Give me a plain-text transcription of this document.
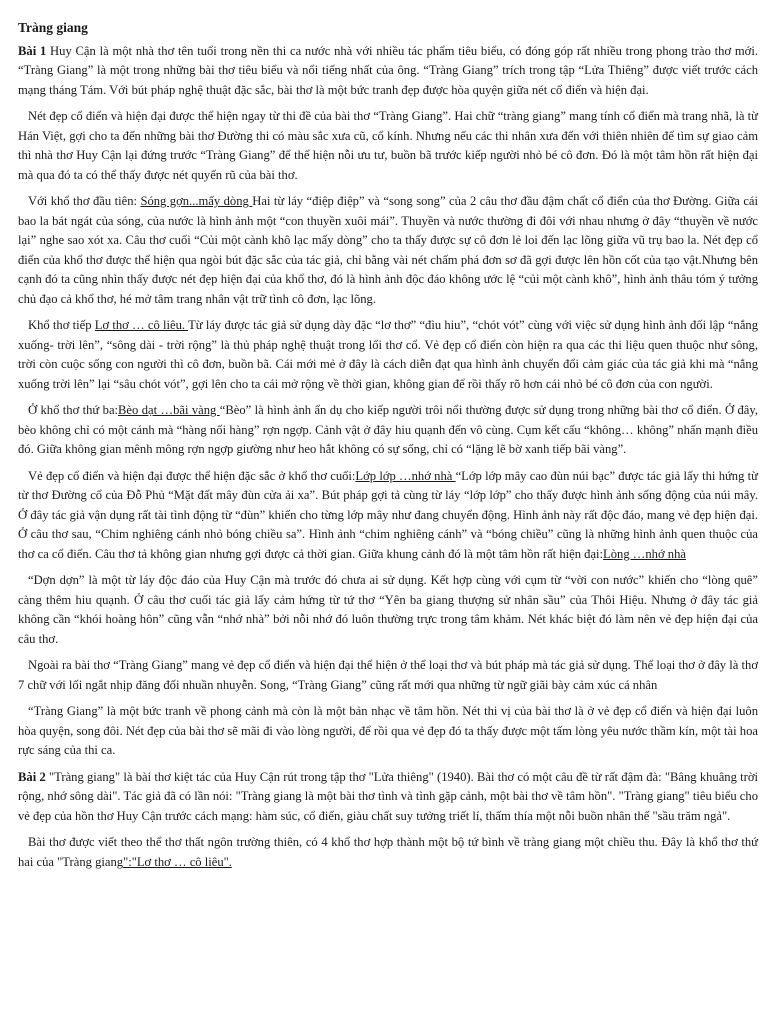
Tràng giang

Bài 1 Huy Cận là một nhà thơ tên tuổi trong nền thi ca nước nhà với nhiều tác phẩm tiêu biểu, có đóng góp rất nhiều trong phong trào thơ mới. “Tràng Giang” là một trong những bài thơ tiêu biểu và nổi tiếng nhất của ông. “Tràng Giang” trích trong tập “Lửa Thiêng” được viết trước cách mạng tháng Tám. Với bút pháp nghệ thuật đặc sắc, bài thơ là một bức tranh đẹp được hòa quyện giữa nét cổ điển và hiện đại.

Nét đẹp cổ điển và hiện đại được thể hiện ngay từ thi đề của bài thơ “Tràng Giang”. Hai chữ “tràng giang” mang tính cổ điển mà trang nhã, là từ Hán Việt, gợi cho ta đến những bài thơ Đường thi có màu sắc xưa cũ, cổ kính. Nhưng nếu các thi nhân xưa đến với thiên nhiên để tìm sự giao cảm thì nhà thơ Huy Cận lại đứng trước “Tràng Giang” để thể hiện nỗi ưu tư, buồn bã trước kiếp người nhỏ bé cô đơn. Đó là một tâm hồn rất hiện đại mà qua đó ta có thể thấy được nét quyến rũ của bài thơ.

Với khổ thơ đầu tiên: Sóng gợn...mấy dòng Hai từ láy “điệp điệp” và “song song” của 2 câu thơ đầu đậm chất cổ điển của thơ Đường. Giữa cái bao la bát ngát của sóng, của nước là hình ảnh một “con thuyền xuôi mái”. Thuyền và nước thường đi đôi với nhau nhưng ở đây “thuyền về nước lại” nghe sao xót xa. Câu thơ cuối “Củi một cành khô lạc mấy dòng” cho ta thấy được sự cô đơn lẻ loi đến lạc lõng giữa vũ trụ bao la. Nét đẹp cổ điển của khổ thơ được thể hiện qua ngòi bút đặc sắc của tác giả, chỉ bằng vài nét chấm phá đơn sơ đã gợi được lên hồn cốt của tạo vật.Nhưng bên cạnh đó ta cũng nhìn thấy được nét đẹp hiện đại của khổ thơ, đó là hình ảnh độc đáo không ước lệ “củi một cành khô”, hình ảnh thâu tóm ý tưởng chủ đạo cả khổ thơ, hé mở tâm trang nhân vật trữ tình cô đơn, lạc lõng.

Khổ thơ tiếp Lơ thơ … cô liêu. Từ láy được tác giả sử dụng dày đặc “lơ thơ” “đìu hiu”, “chót vót” cùng với việc sử dụng hình ảnh đối lập “nắng xuống- trời lên”, “sông dài - trời rộng” là thủ pháp nghệ thuật trong lối thơ cổ. Vẻ đẹp cổ điển còn hiện ra qua các thi liệu quen thuộc như sông, trời còn cuộc sống con người thì cô đơn, buồn bã. Cái mới mẻ ở đây là cách diễn đạt qua hình ảnh chuyển đổi cảm giác của tác giả khi mà “nắng xuống trời lên” lại “sâu chót vót”, gợi lên cho ta cái mở rộng về thời gian, không gian để rồi thấy rõ hơn cái nhỏ bé cô đơn của con người.

Ở khổ thơ thứ ba:Bèo dạt …bãi vàng “Bèo” là hình ảnh ẩn dụ cho kiếp người trôi nổi thường được sử dụng trong những bài thơ cổ điển. Ở đây, bèo không chỉ có một cánh mà “hàng nối hàng” rợn ngợp. Cảnh vật ở đây hiu quạnh đến vô cùng. Cụm kết cấu “không… không” nhấn mạnh điều đó. Giữa không gian mênh mông rợn ngợp giường như heo hắt không có sự sống, chỉ có “lặng lẽ bờ xanh tiếp bãi vàng”.

Vẻ đẹp cổ điển và hiện đại được thể hiện đặc sắc ở khổ thơ cuối:Lớp lớp …nhớ nhà “Lớp lớp mây cao đùn núi bạc” được tác giả lấy thi hứng từ từ thơ Đường cổ của Đỗ Phủ “Mặt đất mây đùn cửa ải xa”. Bút pháp gợi tả cùng từ láy “lớp lớp” cho thấy được hình ảnh sống động của núi mây. Ở đây tác giả vận dụng rất tài tình động từ “đùn” khiến cho từng lớp mây như đang chuyển động. Hình ảnh này rất độc đáo, mang vẻ đẹp hiện đại. Ở câu thơ sau, “Chim nghiêng cánh nhỏ bóng chiều sa”. Hình ảnh “chim nghiêng cánh” và “bóng chiều” cũng là những hình ảnh quen thuộc của thơ ca cổ điển. Câu thơ tả không gian nhưng gợi được cả thời gian. Giữa khung cảnh đó là một tâm hồn rất hiện đại:Lòng …nhớ nhà

“Dợn dợn” là một từ láy độc đáo của Huy Cận mà trước đó chưa ai sử dụng. Kết hợp cùng với cụm từ “vời con nước” khiến cho “lòng quê” càng thêm hiu quạnh. Ở câu thơ cuối tác giả lấy cảm hứng từ tứ thơ “Yên ba giang thượng sử nhân sầu” của Thôi Hiệu. Nhưng ở đây tác giả không cần “khói hoàng hôn” cũng vẫn “nhớ nhà” bởi nỗi nhớ đó luôn thường trực trong tâm khảm. Nét khác biệt đó làm nên vẻ đẹp hiện đại của câu thơ.

Ngoài ra bài thơ “Tràng Giang” mang vẻ đẹp cổ điển và hiện đại thể hiện ở thể loại thơ và bút pháp mà tác giả sử dụng. Thể loại thơ ở đây là thơ 7 chữ với lối ngắt nhịp đăng đối nhuần nhuyễn. Song, “Tràng Giang” cũng rất mới qua những từ ngữ giãi bày cảm xúc cá nhân

“Tràng Giang” là một bức tranh về phong cảnh mà còn là một bản nhạc về tâm hồn. Nét thi vị của bài thơ là ở vẻ đẹp cổ điển và hiện đại luôn hòa quyện, song đôi. Nét đẹp của bài thơ sẽ mãi đi vào lòng người, để rồi qua vẻ đẹp đó ta thấy được một tấm lòng yêu nước thầm kín, một tài hoa rực sáng của thi ca.

Bài 2 "Tràng giang" là bài thơ kiệt tác của Huy Cận rút trong tập thơ "Lửa thiêng" (1940). Bài thơ có một câu đề từ rất đậm đà: "Bâng khuâng trời rộng, nhớ sông dài". Tác giả đã có lần nói: "Tràng giang là một bài thơ tình và tình gặp cảnh, một bài thơ về tâm hồn". "Tràng giang" tiêu biểu cho vẻ đẹp của hồn thơ Huy Cận trước cách mạng: hàm súc, cổ điển, giàu chất suy tưởng triết lí, thấm thía một nỗi buồn nhân thế "sầu trăm ngả".

Bài thơ được viết theo thể thơ thất ngôn trường thiên, có 4 khổ thơ hợp thành một bộ tứ bình về tràng giang một chiều thu. Đây là khổ thơ thứ hai của "Tràng giang":"Lơ thơ … cô liêu".
